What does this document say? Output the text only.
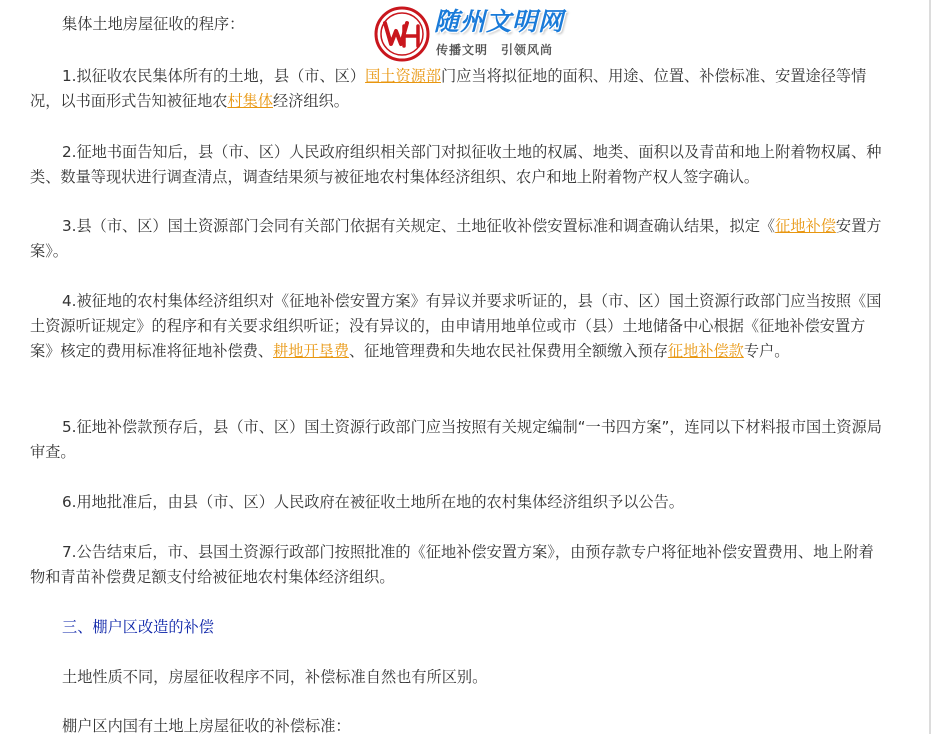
集体土地房屋征收的程序：	随州文明网
传播文明　引领风尚

1.拟征收农民集体所有的土地，县（市、区）国土资源部门应当将拟征地的面积、用途、位置、补偿标准、安置途径等情况，以书面形式告知被征地农村集体经济组织。

2.征地书面告知后，县（市、区）人民政府组织相关部门对拟征收土地的权属、地类、面积以及青苗和地上附着物权属、种类、数量等现状进行调查清点，调查结果须与被征地农村集体经济组织、农户和地上附着物产权人签字确认。

3.县（市、区）国土资源部门会同有关部门依据有关规定、土地征收补偿安置标准和调查确认结果，拟定《征地补偿安置方案》。

4.被征地的农村集体经济组织对《征地补偿安置方案》有异议并要求听证的，县（市、区）国土资源行政部门应当按照《国土资源听证规定》的程序和有关要求组织听证；没有异议的，由申请用地单位或市（县）土地储备中心根据《征地补偿安置方案》核定的费用标准将征地补偿费、耕地开垦费、征地管理费和失地农民社保费用全额缴入预存征地补偿款专户。

5.征地补偿款预存后，县（市、区）国土资源行政部门应当按照有关规定编制“一书四方案”，连同以下材料报市国土资源局审查。

6.用地批准后，由县（市、区）人民政府在被征收土地所在地的农村集体经济组织予以公告。

7.公告结束后，市、县国土资源行政部门按照批准的《征地补偿安置方案》，由预存款专户将征地补偿安置费用、地上附着物和青苗补偿费足额支付给被征地农村集体经济组织。

三、棚户区改造的补偿

土地性质不同，房屋征收程序不同，补偿标准自然也有所区别。

棚户区内国有土地上房屋征收的补偿标准：
